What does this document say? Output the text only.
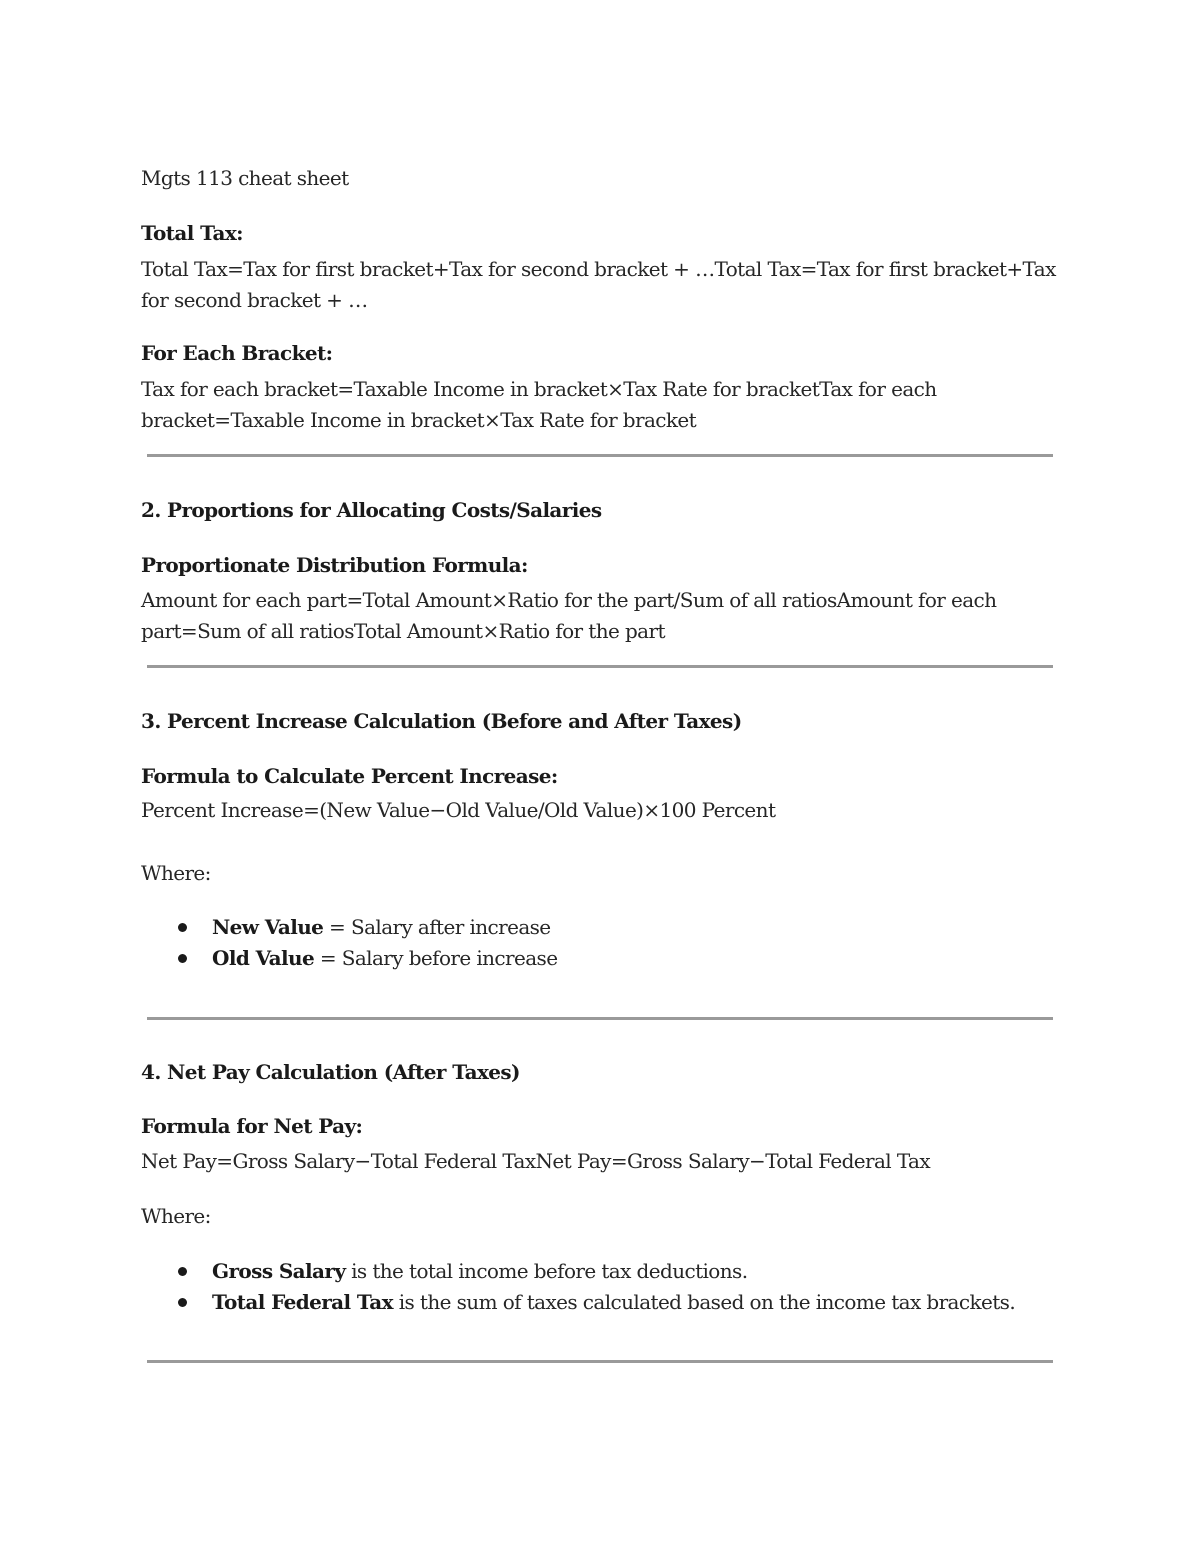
Mgts 113 cheat sheet
Total Tax:
Total Tax=Tax for first bracket+Tax for second bracket + …Total Tax=Tax for first bracket+Tax
for second bracket + …
For Each Bracket:
Tax for each bracket=Taxable Income in bracket×Tax Rate for bracketTax for each
bracket=Taxable Income in bracket×Tax Rate for bracket
2. Proportions for Allocating Costs/Salaries
Proportionate Distribution Formula:
Amount for each part=Total Amount×Ratio for the part/Sum of all ratiosAmount for each
part=Sum of all ratiosTotal Amount×Ratio for the part
3. Percent Increase Calculation (Before and After Taxes)
Formula to Calculate Percent Increase:
Percent Increase=(New Value−Old Value/Old Value)×100 Percent
Where:
New Value = Salary after increase
Old Value = Salary before increase
4. Net Pay Calculation (After Taxes)
Formula for Net Pay:
Net Pay=Gross Salary−Total Federal TaxNet Pay=Gross Salary−Total Federal Tax
Where:
Gross Salary is the total income before tax deductions.
Total Federal Tax is the sum of taxes calculated based on the income tax brackets.
